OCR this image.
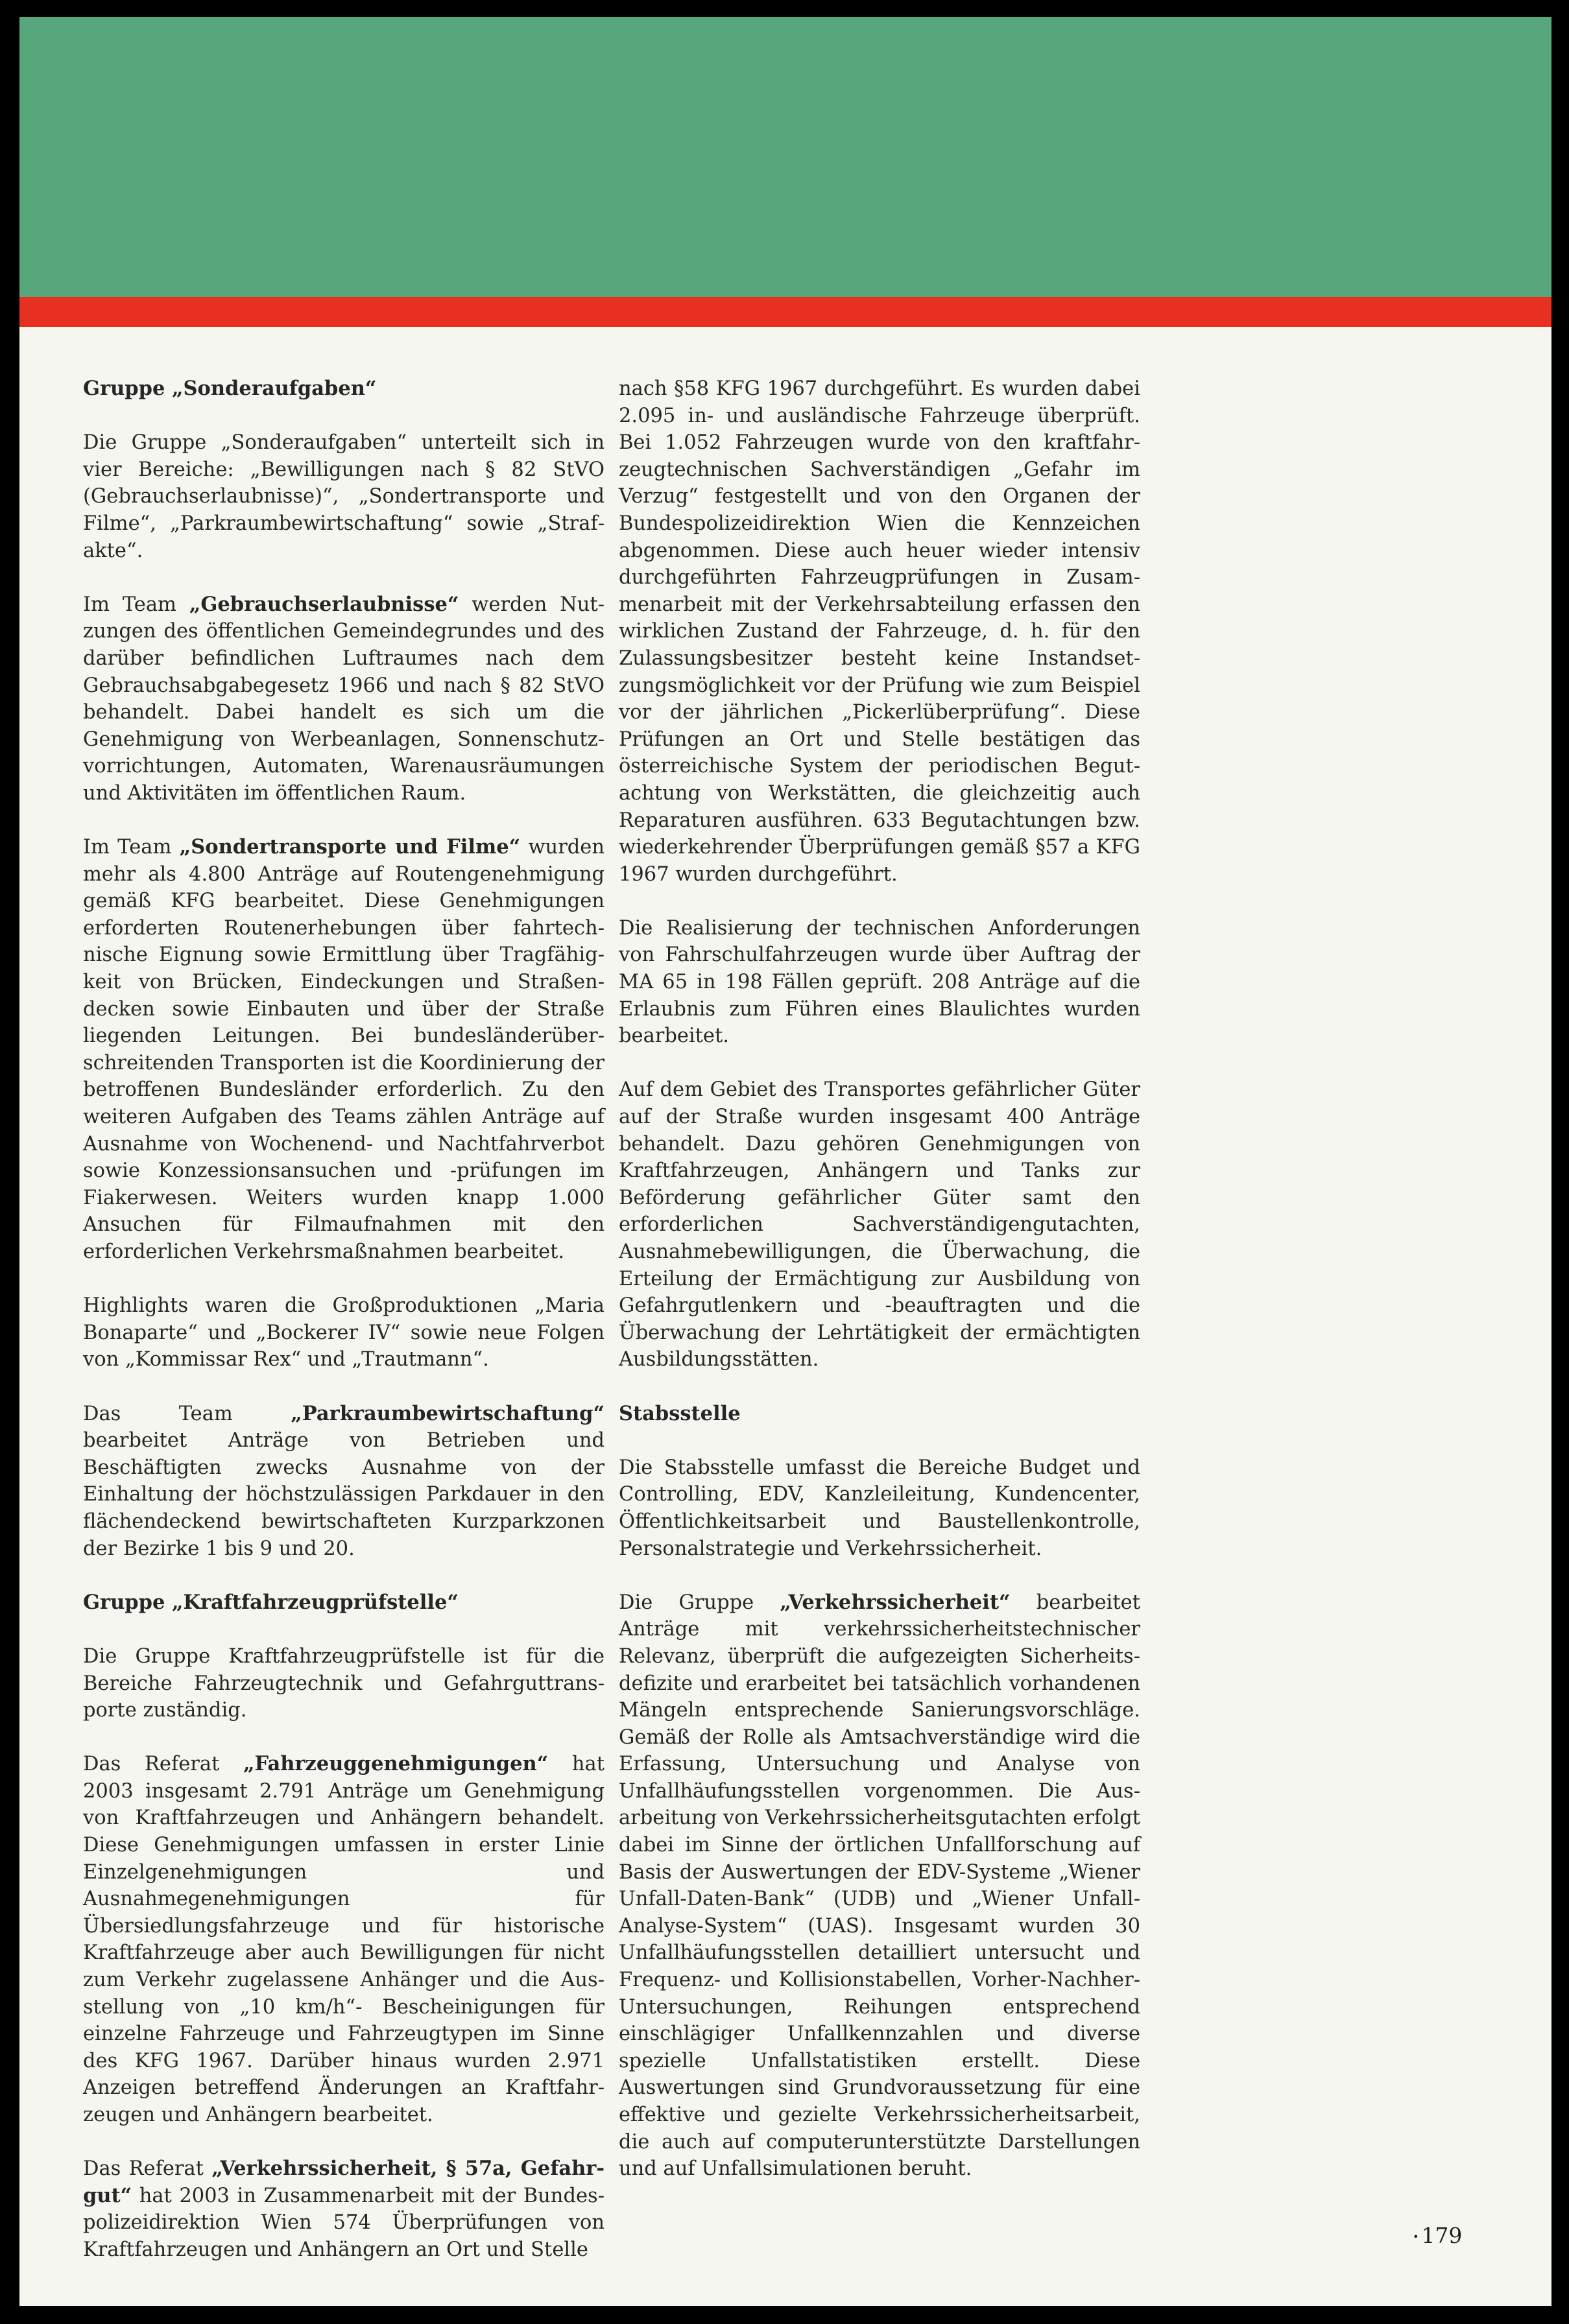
Gruppe „Sonderaufgaben“

Die Gruppe „Sonderaufgaben“ unterteilt sich in vier Bereiche: „Bewilligungen nach § 82 StVO (Gebrauchserlaubnisse)“, „Sondertransporte und Filme“, „Parkraumbewirtschaftung“ sowie „Strafakte“.

Im Team „Gebrauchserlaubnisse“ werden Nutzungen des öffentlichen Gemeindegrundes und des darüber befindlichen Luftraumes nach dem Gebrauchsabgabegesetz 1966 und nach § 82 StVO behandelt. Dabei handelt es sich um die Genehmigung von Werbeanlagen, Sonnenschutzvorrichtungen, Automaten, Warenausräumungen und Aktivitäten im öffentlichen Raum.

Im Team „Sondertransporte und Filme“ wurden mehr als 4.800 Anträge auf Routengenehmigung gemäß KFG bearbeitet. Diese Genehmigungen erforderten Routenerhebungen über fahrtechnische Eignung sowie Ermittlung über Tragfähigkeit von Brücken, Eindeckungen und Straßendecken sowie Einbauten und über der Straße liegenden Leitungen. Bei bundesländerüberschreitenden Transporten ist die Koordinierung der betroffenen Bundesländer erforderlich. Zu den weiteren Aufgaben des Teams zählen Anträge auf Ausnahme von Wochenend- und Nachtfahrverbot sowie Konzessionsansuchen und -prüfungen im Fiakerwesen. Weiters wurden knapp 1.000 Ansuchen für Filmaufnahmen mit den erforderlichen Verkehrsmaßnahmen bearbeitet.

Highlights waren die Großproduktionen „Maria Bonaparte“ und „Bockerer IV“ sowie neue Folgen von „Kommissar Rex“ und „Trautmann“.

Das Team „Parkraumbewirtschaftung“ bearbeitet Anträge von Betrieben und Beschäftigten zwecks Ausnahme von der Einhaltung der höchstzulässigen Parkdauer in den flächendeckend bewirtschafteten Kurzparkzonen der Bezirke 1 bis 9 und 20.

Gruppe „Kraftfahrzeugprüfstelle“

Die Gruppe Kraftfahrzeugprüfstelle ist für die Bereiche Fahrzeugtechnik und Gefahrguttransporte zuständig.

Das Referat „Fahrzeuggenehmigungen“ hat 2003 insgesamt 2.791 Anträge um Genehmigung von Kraftfahrzeugen und Anhängern behandelt. Diese Genehmigungen umfassen in erster Linie Einzelgenehmigungen und Ausnahmegenehmigungen für Übersiedlungsfahrzeuge und für historische Kraftfahrzeuge aber auch Bewilligungen für nicht zum Verkehr zugelassene Anhänger und die Ausstellung von „10 km/h“- Bescheinigungen für einzelne Fahrzeuge und Fahrzeugtypen im Sinne des KFG 1967. Darüber hinaus wurden 2.971 Anzeigen betreffend Änderungen an Kraftfahrzeugen und Anhängern bearbeitet.

Das Referat „Verkehrssicherheit, § 57a, Gefahrgut“ hat 2003 in Zusammenarbeit mit der Bundespolizeidirektion Wien 574 Überprüfungen von Kraftfahrzeugen und Anhängern an Ort und Stelle

nach §58 KFG 1967 durchgeführt. Es wurden dabei 2.095 in- und ausländische Fahrzeuge überprüft. Bei 1.052 Fahrzeugen wurde von den kraftfahrzeugtechnischen Sachverständigen „Gefahr im Verzug“ festgestellt und von den Organen der Bundespolizeidirektion Wien die Kennzeichen abgenommen. Diese auch heuer wieder intensiv durchgeführten Fahrzeugprüfungen in Zusammenarbeit mit der Verkehrsabteilung erfassen den wirklichen Zustand der Fahrzeuge, d. h. für den Zulassungsbesitzer besteht keine Instandsetzungsmöglichkeit vor der Prüfung wie zum Beispiel vor der jährlichen „Pickerlüberprüfung“. Diese Prüfungen an Ort und Stelle bestätigen das österreichische System der periodischen Begutachtung von Werkstätten, die gleichzeitig auch Reparaturen ausführen. 633 Begutachtungen bzw. wiederkehrender Überprüfungen gemäß §57 a KFG 1967 wurden durchgeführt.

Die Realisierung der technischen Anforderungen von Fahrschulfahrzeugen wurde über Auftrag der MA 65 in 198 Fällen geprüft. 208 Anträge auf die Erlaubnis zum Führen eines Blaulichtes wurden bearbeitet.

Auf dem Gebiet des Transportes gefährlicher Güter auf der Straße wurden insgesamt 400 Anträge behandelt. Dazu gehören Genehmigungen von Kraftfahrzeugen, Anhängern und Tanks zur Beförderung gefährlicher Güter samt den erforderlichen Sachverständigengutachten, Ausnahmebewilligungen, die Überwachung, die Erteilung der Ermächtigung zur Ausbildung von Gefahrgutlenkern und -beauftragten und die Überwachung der Lehrtätigkeit der ermächtigten Ausbildungsstätten.

Stabsstelle

Die Stabsstelle umfasst die Bereiche Budget und Controlling, EDV, Kanzleileitung, Kundencenter, Öffentlichkeitsarbeit und Baustellenkontrolle, Personalstrategie und Verkehrssicherheit.

Die Gruppe „Verkehrssicherheit“ bearbeitet Anträge mit verkehrssicherheitstechnischer Relevanz, überprüft die aufgezeigten Sicherheitsdefizite und erarbeitet bei tatsächlich vorhandenen Mängeln entsprechende Sanierungsvorschläge. Gemäß der Rolle als Amtsachverständige wird die Erfassung, Untersuchung und Analyse von Unfallhäufungsstellen vorgenommen. Die Ausarbeitung von Verkehrssicherheitsgutachten erfolgt dabei im Sinne der örtlichen Unfallforschung auf Basis der Auswertungen der EDV-Systeme „Wiener Unfall-Daten-Bank“ (UDB) und „Wiener Unfall-Analyse-System“ (UAS). Insgesamt wurden 30 Unfallhäufungsstellen detailliert untersucht und Frequenz- und Kollisionstabellen, Vorher-Nachher-Untersuchungen, Reihungen entsprechend einschlägiger Unfallkennzahlen und diverse spezielle Unfallstatistiken erstellt. Diese Auswertungen sind Grundvoraussetzung für eine effektive und gezielte Verkehrssicherheitsarbeit, die auch auf computerunterstützte Darstellungen und auf Unfallsimulationen beruht.

• 179
